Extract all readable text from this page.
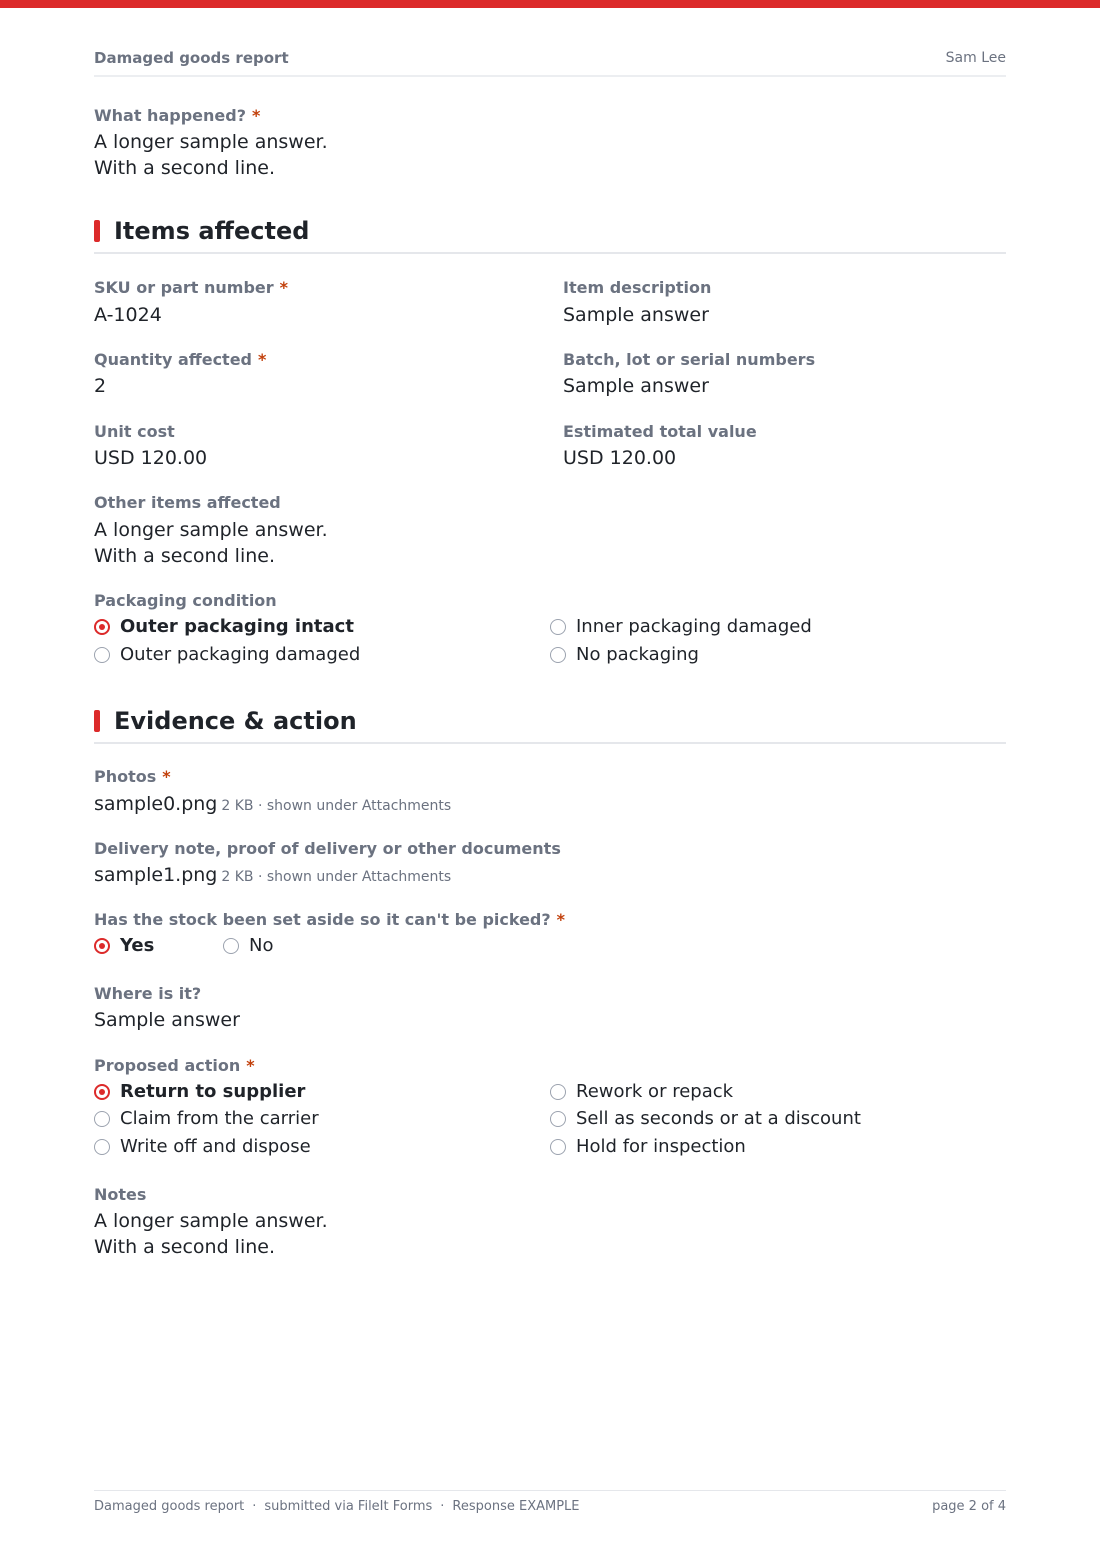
Damaged goods report	Sam Lee
What happened? *
A longer sample answer.
With a second line.
Items affected
SKU or part number *
A-1024
Item description
Sample answer
Quantity affected *
2
Batch, lot or serial numbers
Sample answer
Unit cost
USD 120.00
Estimated total value
USD 120.00
Other items affected
A longer sample answer.
With a second line.
Packaging condition
Outer packaging intact	Inner packaging damaged
Outer packaging damaged	No packaging
Evidence & action
Photos *
sample0.png 2 KB · shown under Attachments
Delivery note, proof of delivery or other documents
sample1.png 2 KB · shown under Attachments
Has the stock been set aside so it can't be picked? *
Yes	No
Where is it?
Sample answer
Proposed action *
Return to supplier	Rework or repack
Claim from the carrier	Sell as seconds or at a discount
Write off and dispose	Hold for inspection
Notes
A longer sample answer.
With a second line.
Damaged goods report · submitted via FileIt Forms · Response EXAMPLE	page 2 of 4
